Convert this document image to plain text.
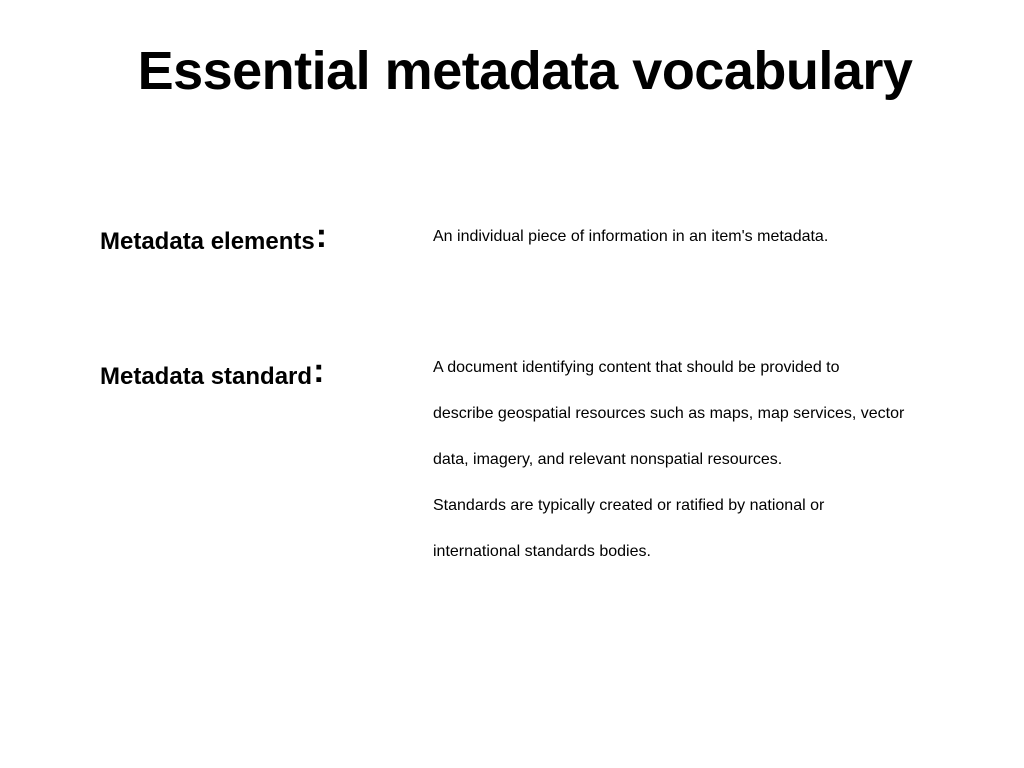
Essential metadata vocabulary
Metadata elements:	An individual piece of information in an item's metadata.
Metadata standard:	A document identifying content that should be provided to
describe geospatial resources such as maps, map services, vector
data, imagery, and relevant nonspatial resources.
Standards are typically created or ratified by national or
international standards bodies.
